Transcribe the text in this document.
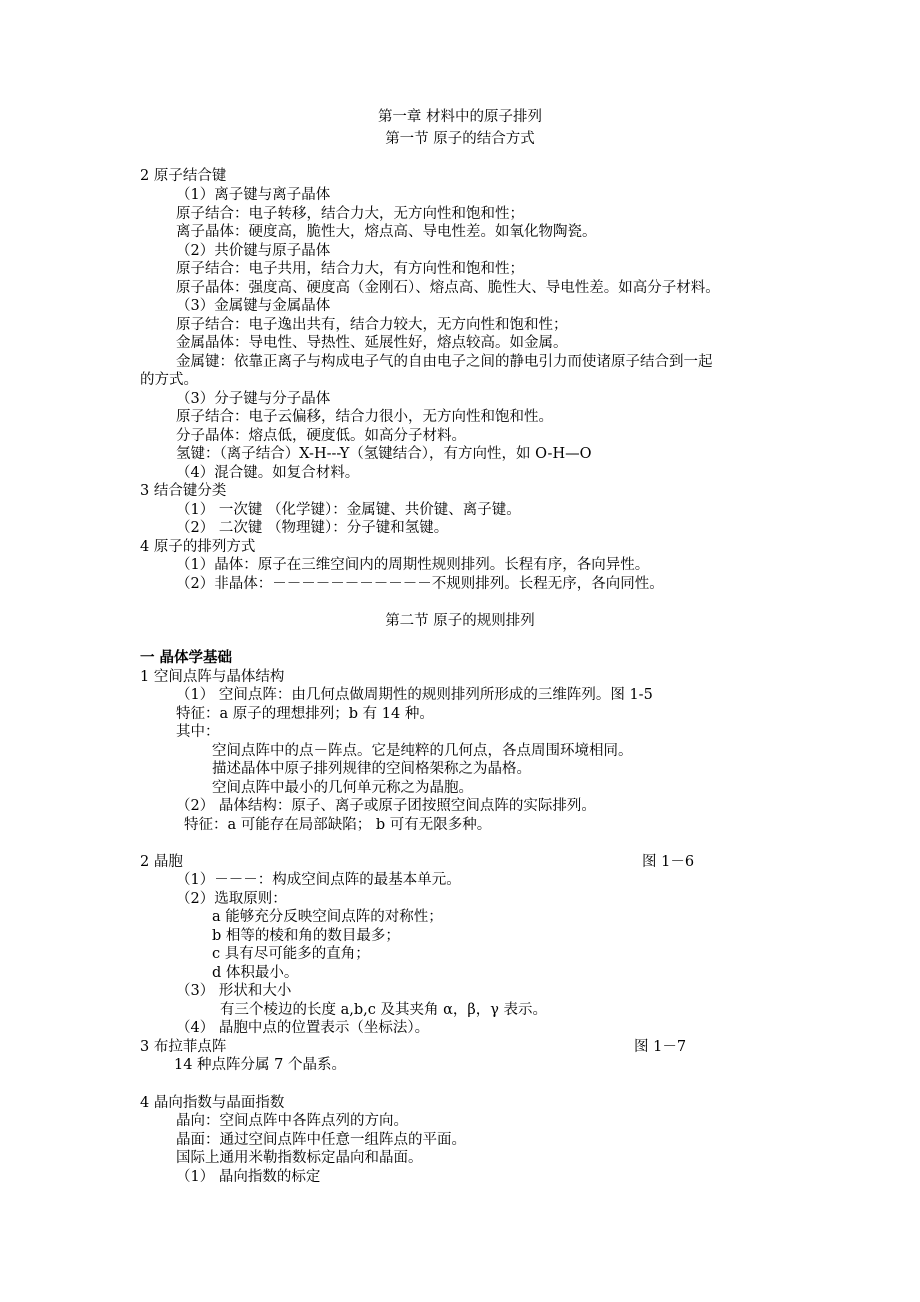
第一章 材料中的原子排列
第一节 原子的结合方式
2 原子结合键
（1）离子键与离子晶体
原子结合：电子转移，结合力大，无方向性和饱和性；
离子晶体：硬度高，脆性大，熔点高、导电性差。如氧化物陶瓷。
（2）共价键与原子晶体
原子结合：电子共用，结合力大，有方向性和饱和性；
原子晶体：强度高、硬度高（金刚石）、熔点高、脆性大、导电性差。如高分子材料。
（3）金属键与金属晶体
原子结合：电子逸出共有，结合力较大，无方向性和饱和性；
金属晶体：导电性、导热性、延展性好，熔点较高。如金属。
金属键：依靠正离子与构成电子气的自由电子之间的静电引力而使诸原子结合到一起
的方式。
（3）分子键与分子晶体
原子结合：电子云偏移，结合力很小，无方向性和饱和性。
分子晶体：熔点低，硬度低。如高分子材料。
氢键：（离子结合）X-H---Y（氢键结合），有方向性，如 O-H—O
（4）混合键。如复合材料。
3 结合键分类
（1） 一次键 （化学键）：金属键、共价键、离子键。
（2） 二次键 （物理键）：分子键和氢键。
4 原子的排列方式
（1）晶体：原子在三维空间内的周期性规则排列。长程有序，各向异性。
（2）非晶体：－－－－－－－－－－－不规则排列。长程无序，各向同性。
第二节 原子的规则排列
一 晶体学基础
1 空间点阵与晶体结构
（1） 空间点阵：由几何点做周期性的规则排列所形成的三维阵列。图 1-5
特征：a 原子的理想排列；b 有 14 种。
其中：
空间点阵中的点－阵点。它是纯粹的几何点，各点周围环境相同。
描述晶体中原子排列规律的空间格架称之为晶格。
空间点阵中最小的几何单元称之为晶胞。
（2） 晶体结构：原子、离子或原子团按照空间点阵的实际排列。
特征：a 可能存在局部缺陷； b 可有无限多种。
2 晶胞	图 1－6
（1）－－－：构成空间点阵的最基本单元。
（2）选取原则：
a 能够充分反映空间点阵的对称性；
b 相等的棱和角的数目最多；
c 具有尽可能多的直角；
d 体积最小。
（3） 形状和大小
有三个棱边的长度 a,b,c 及其夹角 α，β，γ 表示。
（4） 晶胞中点的位置表示（坐标法）。
3 布拉菲点阵	图 1－7
14 种点阵分属 7 个晶系。
4 晶向指数与晶面指数
晶向：空间点阵中各阵点列的方向。
晶面：通过空间点阵中任意一组阵点的平面。
国际上通用米勒指数标定晶向和晶面。
（1） 晶向指数的标定
